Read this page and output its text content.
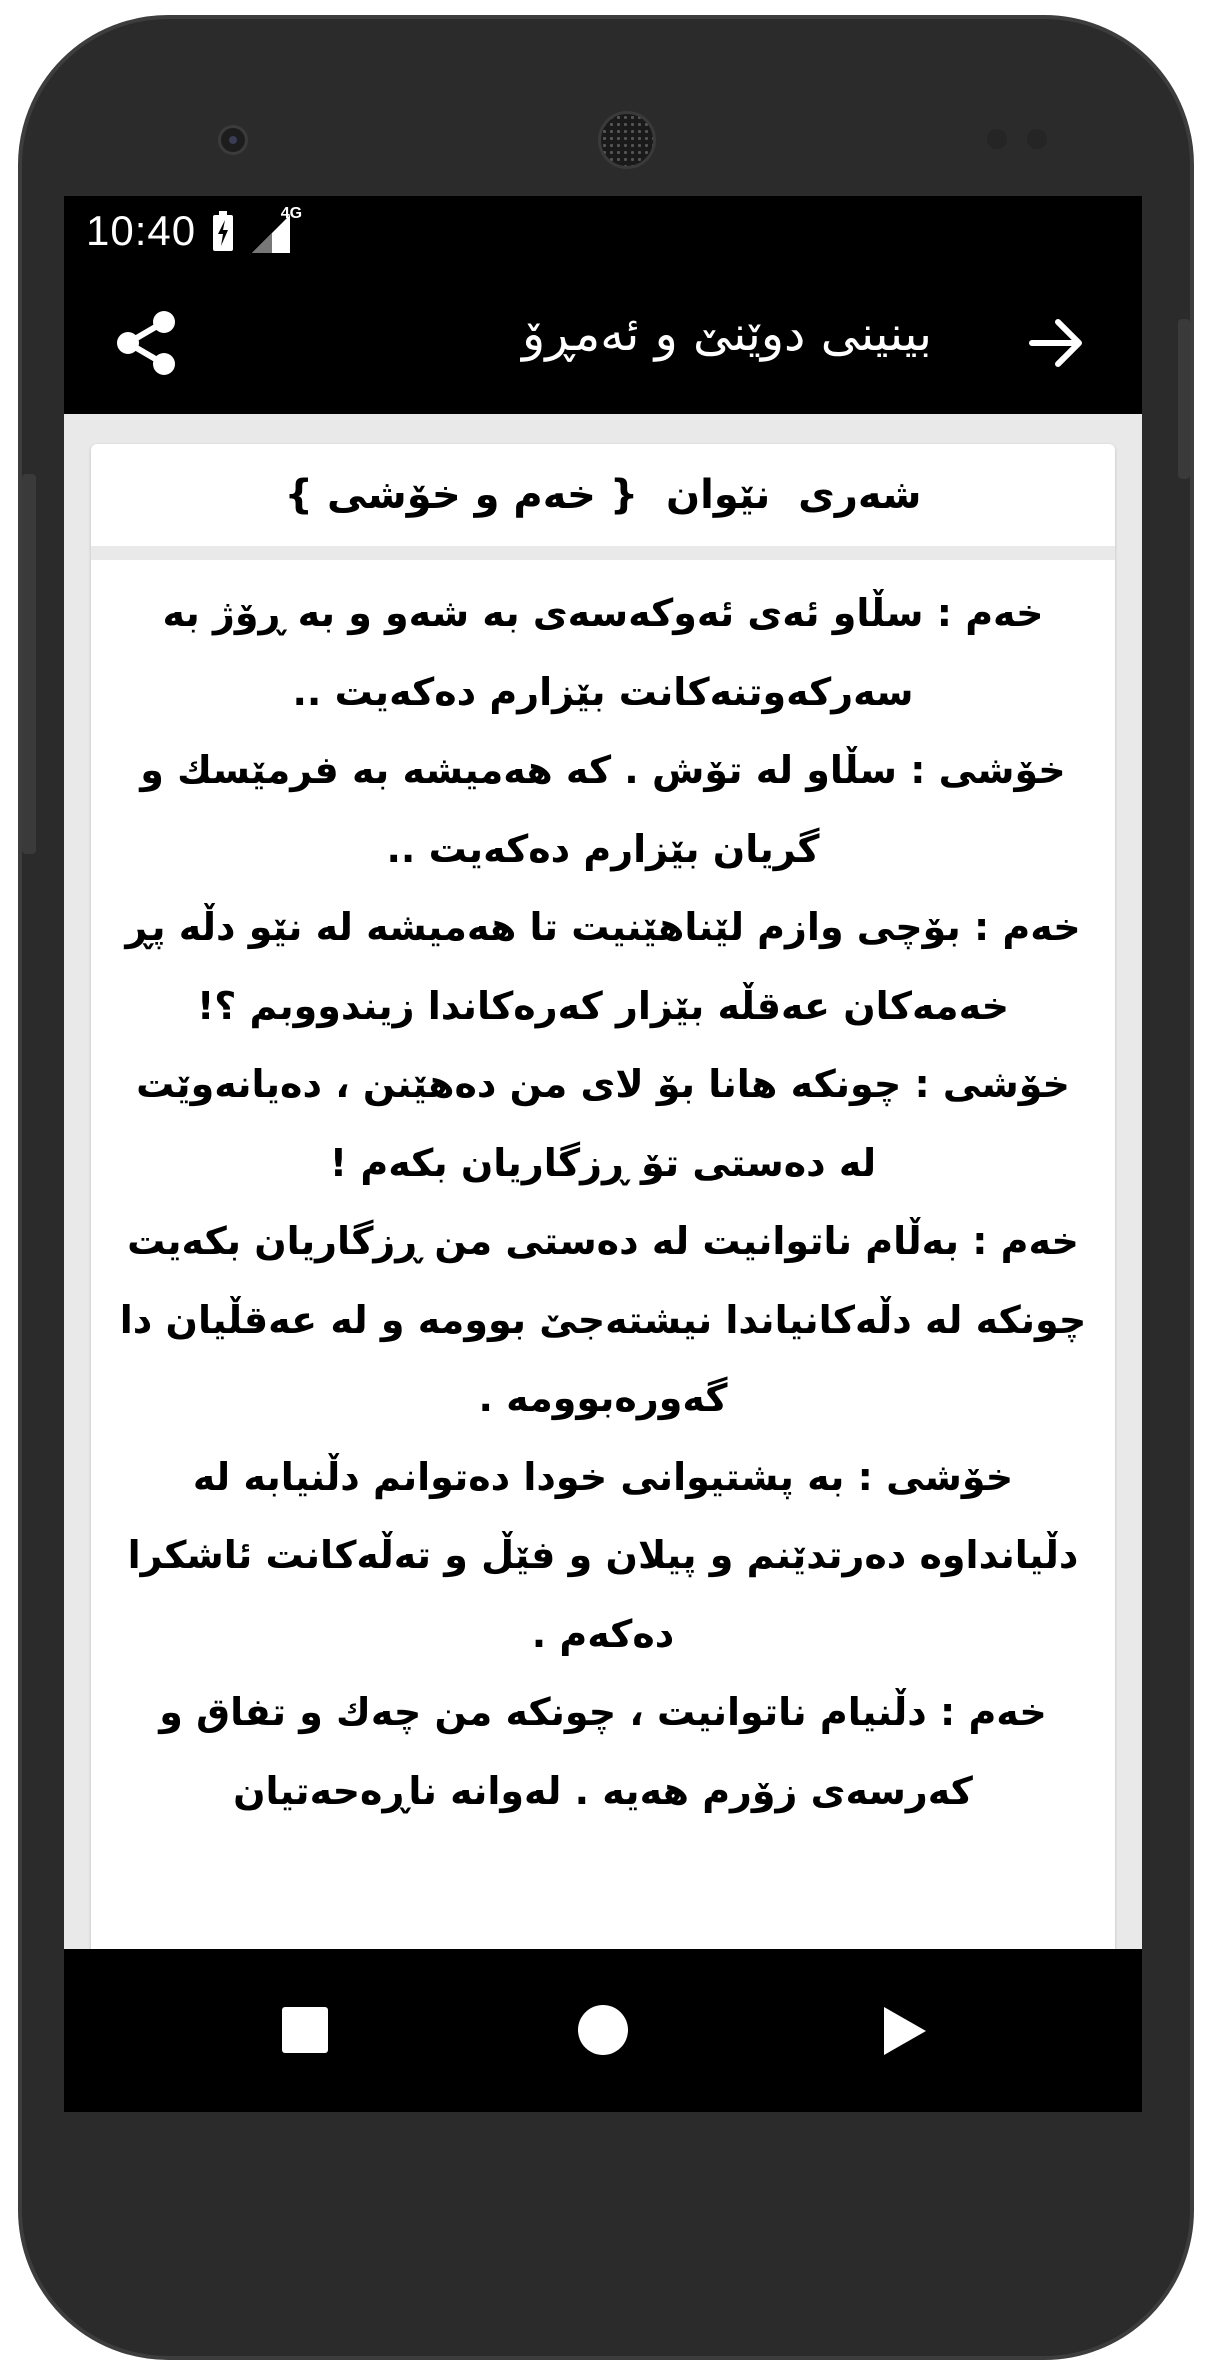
10:40	4G
بینینی دوێنێ و ئەمڕۆ
شەری  نێوان  { خەم و خۆشی }
خەم : سڵاو ئەی ئەوکەسەی بە شەو و بە ڕۆژ بە سەرکەوتنەکانت بێزارم دەکەیت ..
خۆشی : سڵاو لە تۆش . کە هەمیشە بە فرمێسك و گریان بێزارم دەکەیت ..
خەم : بۆچی وازم لێناهێنیت تا هەمیشە لە نێو دڵە پڕ خەمەکان عەقڵە بێزار کەرەکاندا زیندووبم ؟!
خۆشی : چونکە هانا بۆ لای من دەهێنن ، دەیانەوێت لە دەستی تۆ ڕزگاریان بکەم !
خەم : بەڵام ناتوانیت لە دەستی من ڕزگاریان بکەیت چونکە لە دڵەکانیاندا نیشتەجێ بوومە و لە عەقڵیان دا گەورەبوومە .
خۆشی : بە پشتیوانی خودا دەتوانم دڵنیابە لە دڵیانداوە دەرتدێنم و پیلان و فێڵ و تەڵەکانت ئاشکرا دەکەم .
خەم : دڵنیام ناتوانیت ، چونکە من چەك و تفاق و کەرسەی زۆرم هەیە . لەوانە ناڕەحەتیان
